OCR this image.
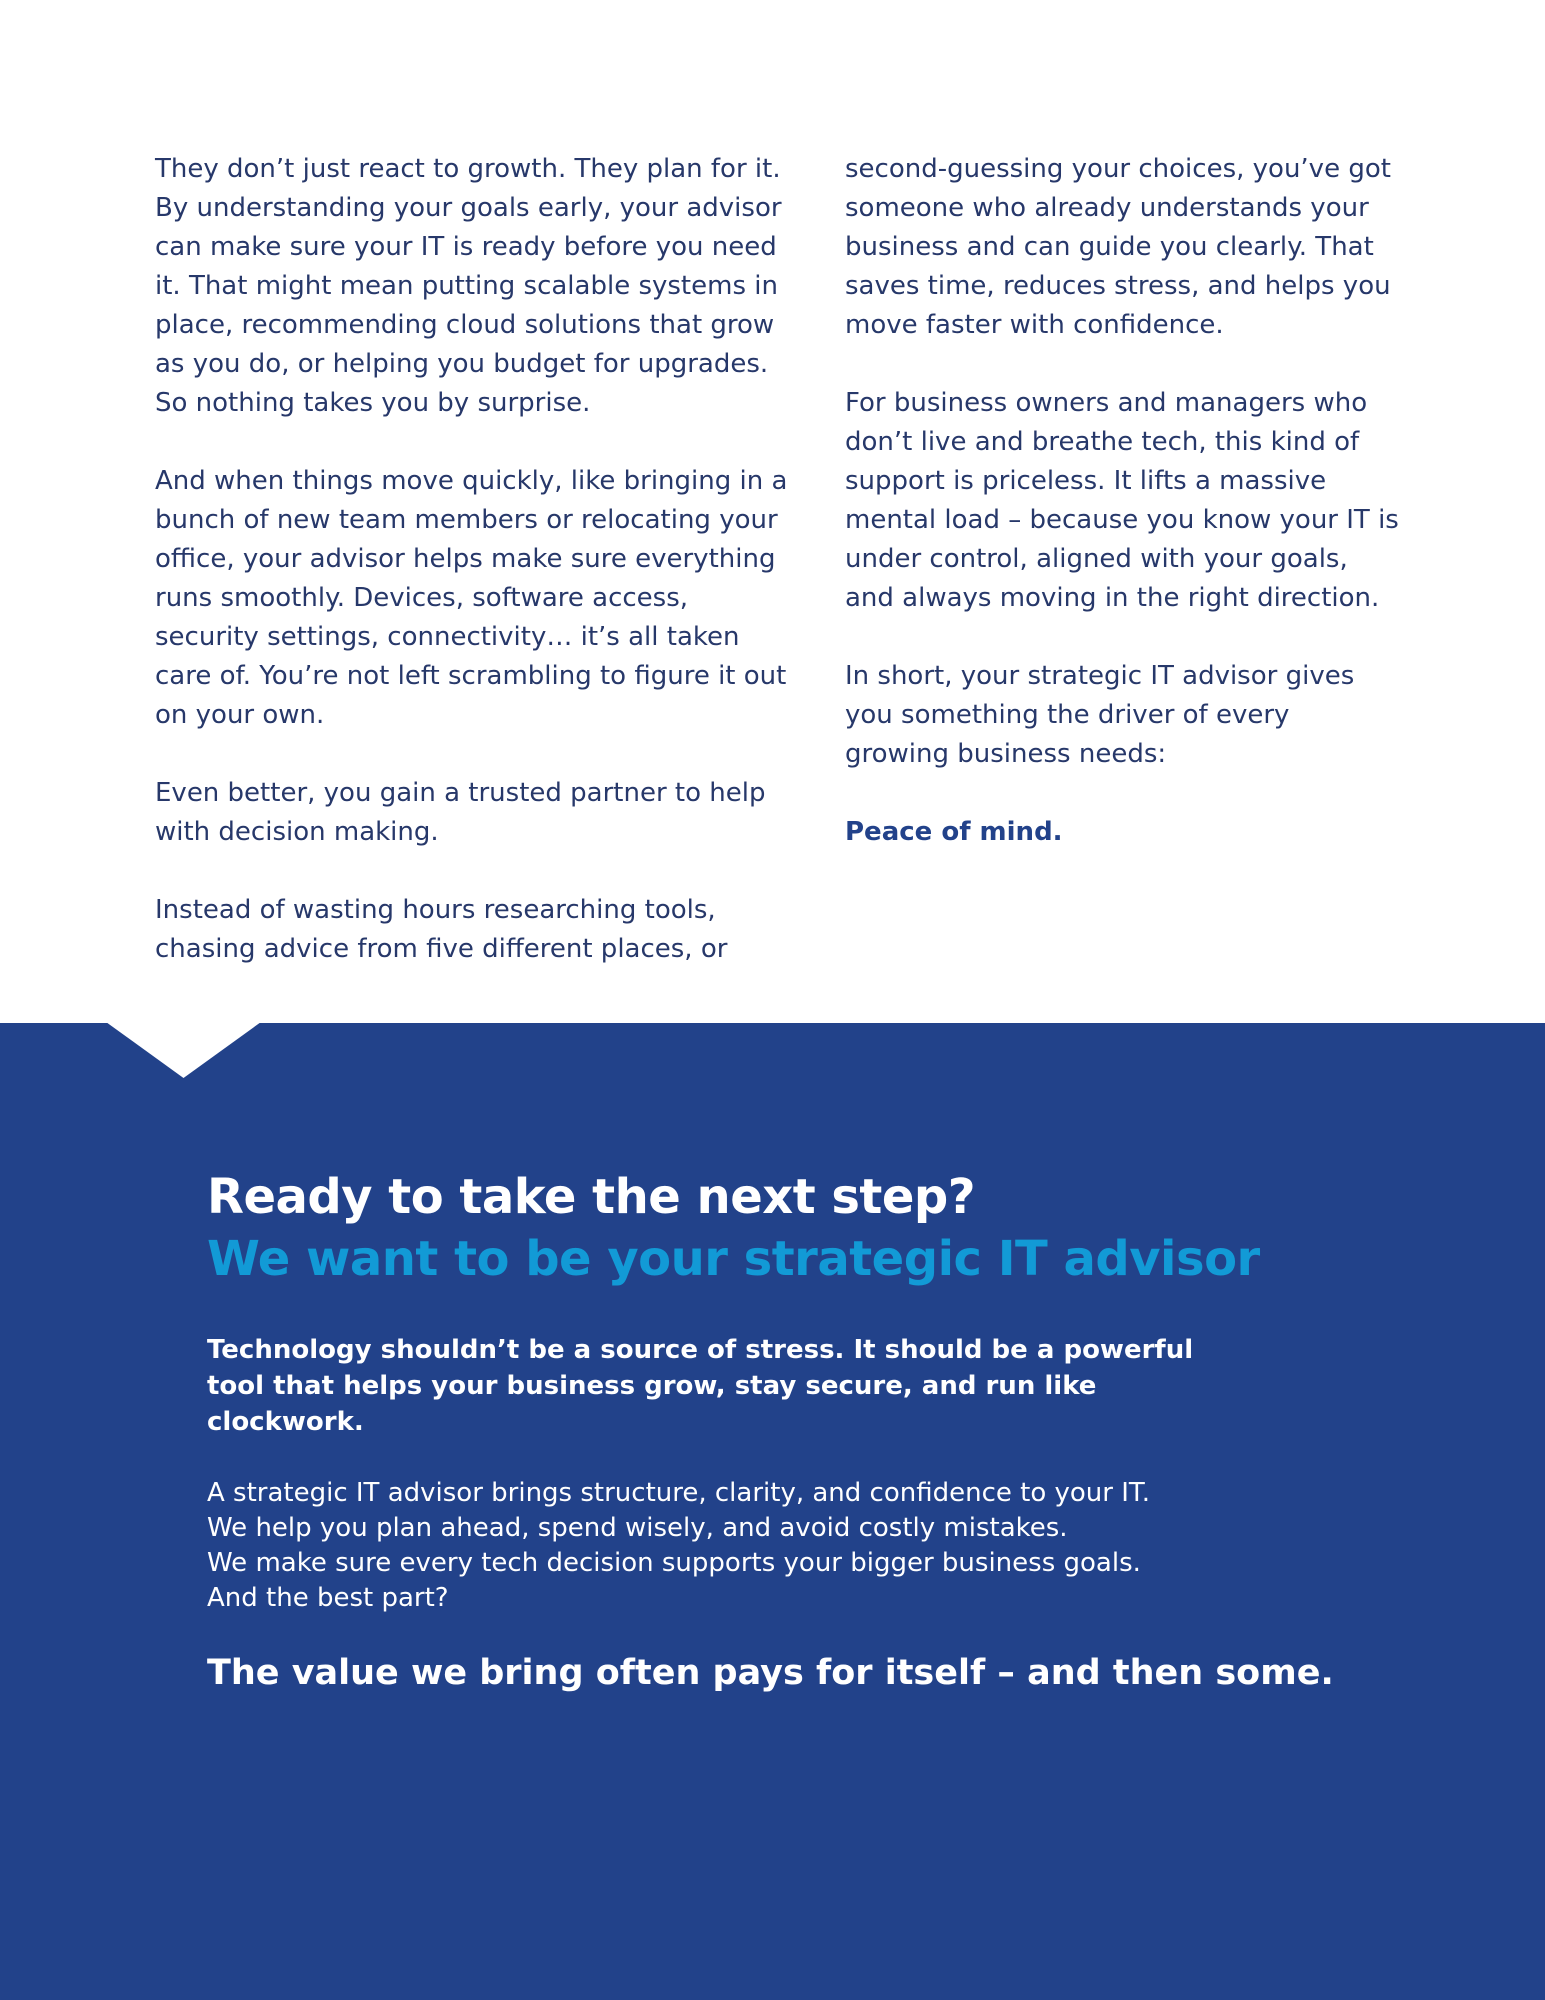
They don’t just react to growth. They plan for it. By understanding your goals early, your advisor can make sure your IT is ready before you need it. That might mean putting scalable systems in place, recommending cloud solutions that grow as you do, or helping you budget for upgrades. So nothing takes you by surprise.

And when things move quickly, like bringing in a bunch of new team members or relocating your office, your advisor helps make sure everything runs smoothly. Devices, software access, security settings, connectivity… it’s all taken care of. You’re not left scrambling to figure it out on your own.

Even better, you gain a trusted partner to help with decision making.

Instead of wasting hours researching tools, chasing advice from five different places, or

second-guessing your choices, you’ve got someone who already understands your business and can guide you clearly. That saves time, reduces stress, and helps you move faster with confidence.

For business owners and managers who don’t live and breathe tech, this kind of support is priceless. It lifts a massive mental load – because you know your IT is under control, aligned with your goals, and always moving in the right direction.

In short, your strategic IT advisor gives you something the driver of every growing business needs:

Peace of mind.

Ready to take the next step?
We want to be your strategic IT advisor

Technology shouldn’t be a source of stress. It should be a powerful tool that helps your business grow, stay secure, and run like clockwork.

A strategic IT advisor brings structure, clarity, and confidence to your IT.
We help you plan ahead, spend wisely, and avoid costly mistakes.
We make sure every tech decision supports your bigger business goals.
And the best part?

The value we bring often pays for itself – and then some.
